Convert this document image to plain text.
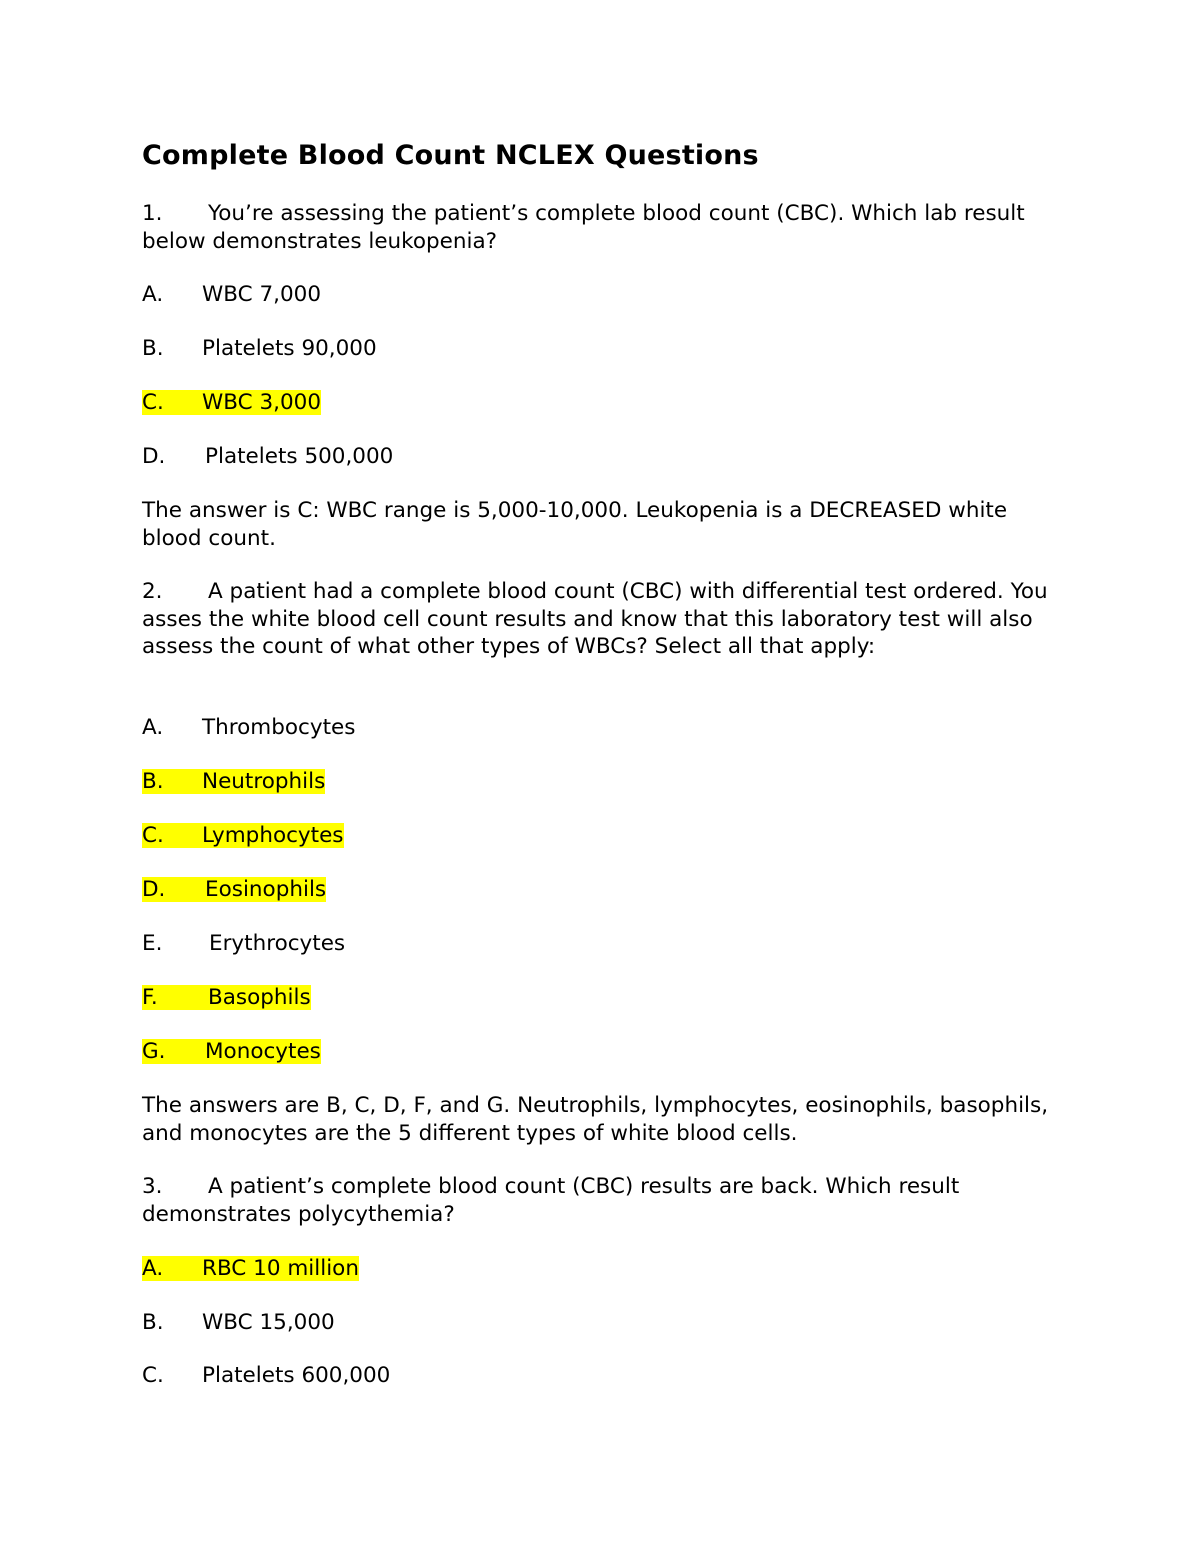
Complete Blood Count NCLEX Questions
1. You’re assessing the patient’s complete blood count (CBC). Which lab result below demonstrates leukopenia?
A. WBC 7,000
B. Platelets 90,000
C. WBC 3,000
D. Platelets 500,000
The answer is C: WBC range is 5,000-10,000. Leukopenia is a DECREASED white blood count.
2. A patient had a complete blood count (CBC) with differential test ordered. You asses the white blood cell count results and know that this laboratory test will also assess the count of what other types of WBCs? Select all that apply:
A. Thrombocytes
B. Neutrophils
C. Lymphocytes
D. Eosinophils
E. Erythrocytes
F. Basophils
G. Monocytes
The answers are B, C, D, F, and G. Neutrophils, lymphocytes, eosinophils, basophils, and monocytes are the 5 different types of white blood cells.
3. A patient’s complete blood count (CBC) results are back. Which result demonstrates polycythemia?
A. RBC 10 million
B. WBC 15,000
C. Platelets 600,000
